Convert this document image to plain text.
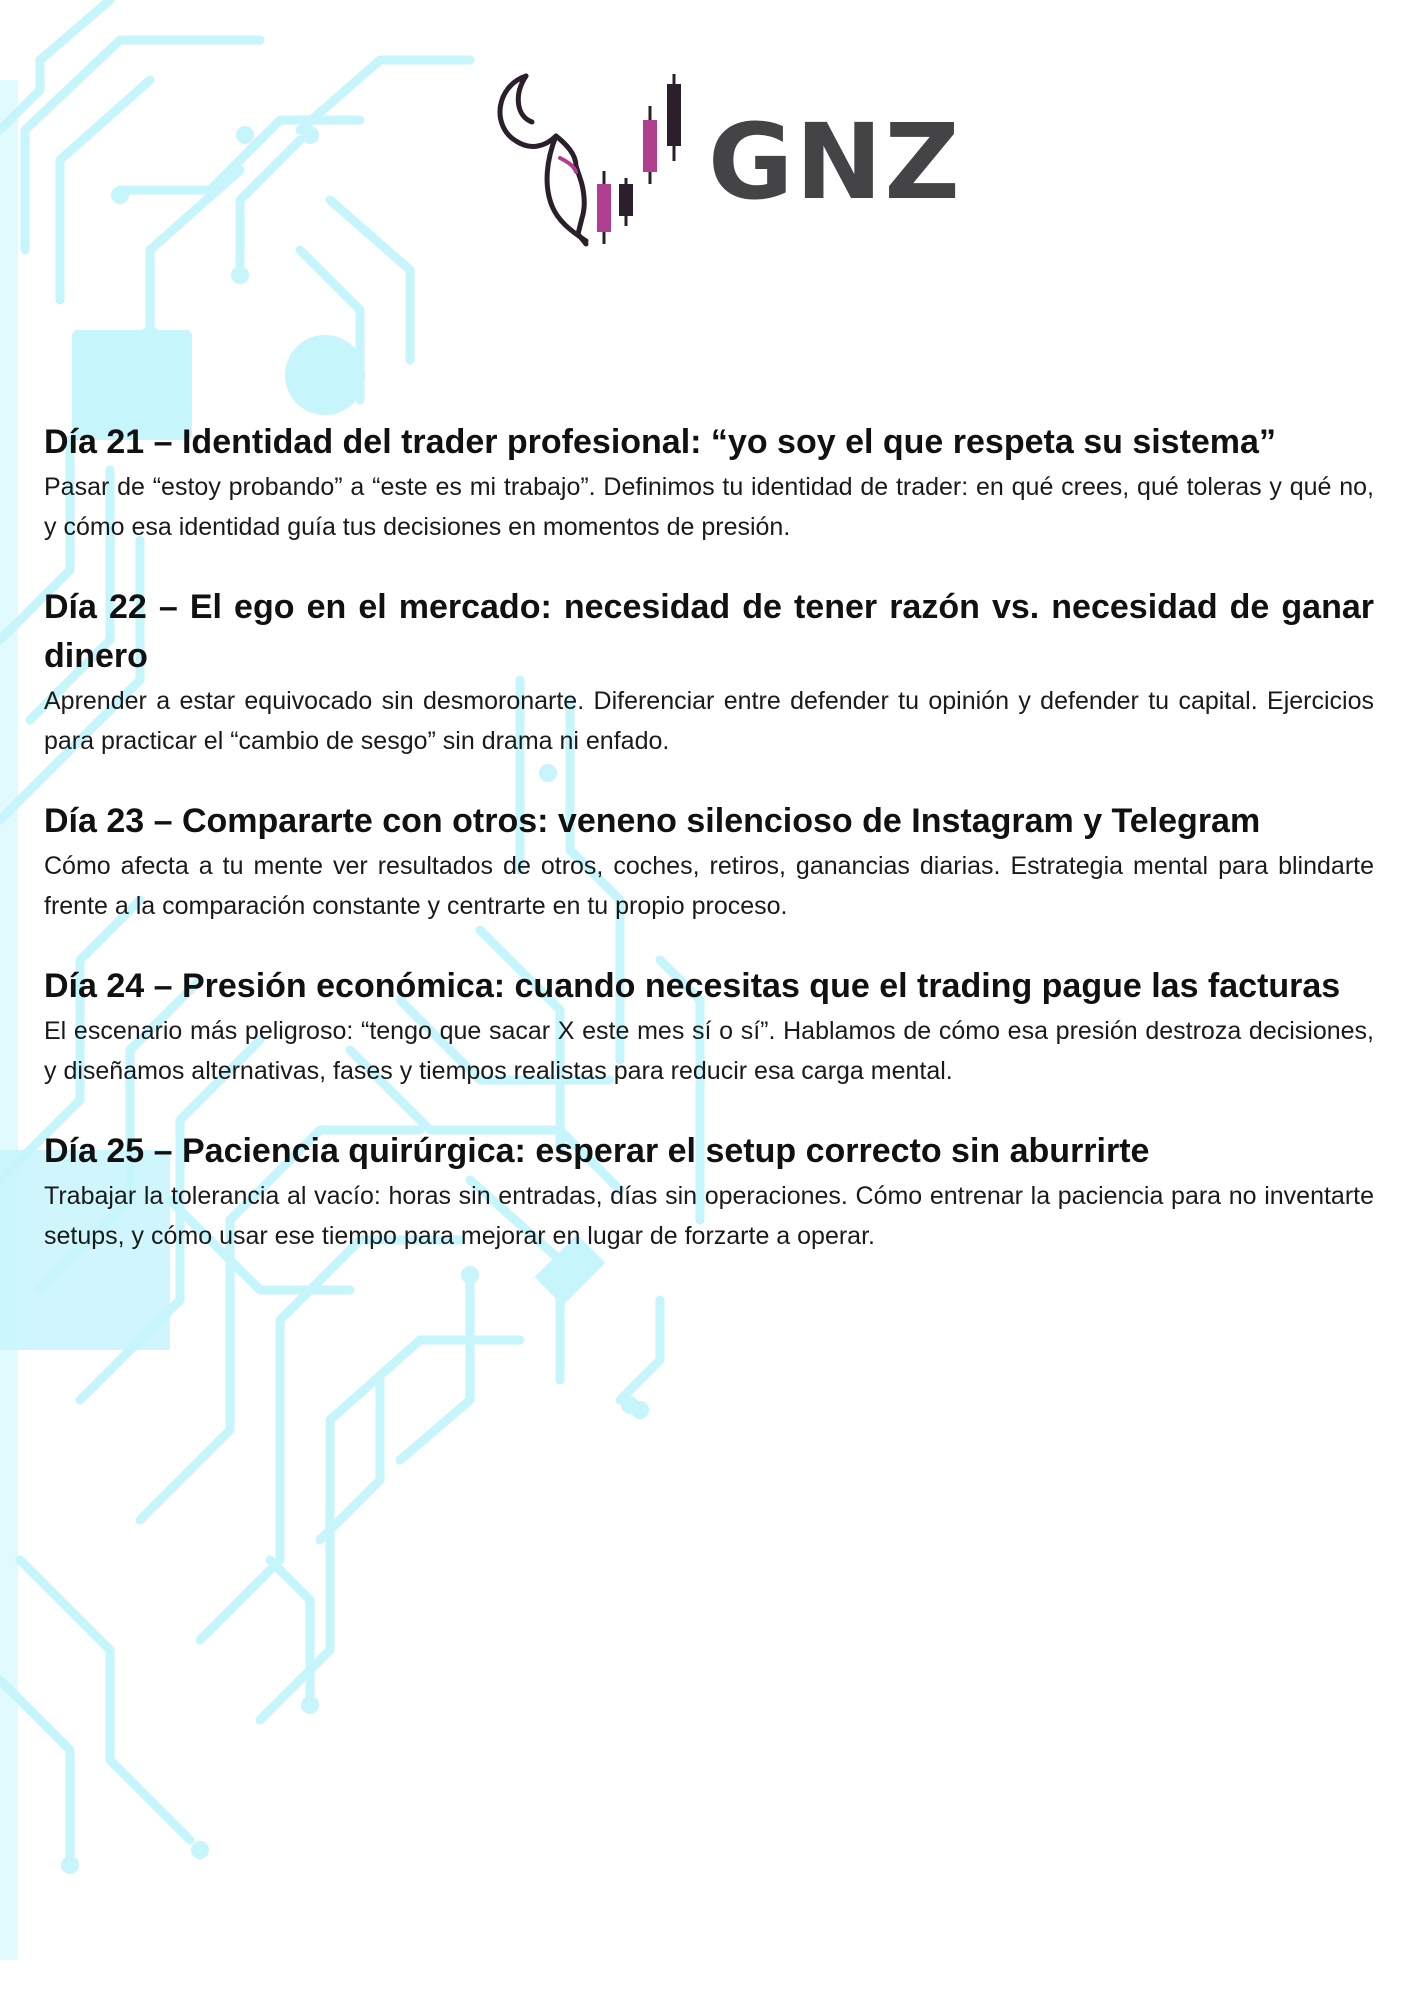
GNZ
Día 21 – Identidad del trader profesional: “yo soy el que respeta su sistema”

Pasar de “estoy probando” a “este es mi trabajo”. Definimos tu identidad de trader: en qué crees, qué toleras y qué no, y cómo esa identidad guía tus decisiones en momentos de presión.

Día 22 – El ego en el mercado: necesidad de tener razón vs. necesidad de ganar dinero

Aprender a estar equivocado sin desmoronarte. Diferenciar entre defender tu opinión y defender tu capital. Ejercicios para practicar el “cambio de sesgo” sin drama ni enfado.

Día 23 – Compararte con otros: veneno silencioso de Instagram y Telegram

Cómo afecta a tu mente ver resultados de otros, coches, retiros, ganancias diarias. Estrategia mental para blindarte frente a la comparación constante y centrarte en tu propio proceso.

Día 24 – Presión económica: cuando necesitas que el trading pague las facturas

El escenario más peligroso: “tengo que sacar X este mes sí o sí”. Hablamos de cómo esa presión destroza decisiones, y diseñamos alternativas, fases y tiempos realistas para reducir esa carga mental.

Día 25 – Paciencia quirúrgica: esperar el setup correcto sin aburrirte

Trabajar la tolerancia al vacío: horas sin entradas, días sin operaciones. Cómo entrenar la paciencia para no inventarte setups, y cómo usar ese tiempo para mejorar en lugar de forzarte a operar.
